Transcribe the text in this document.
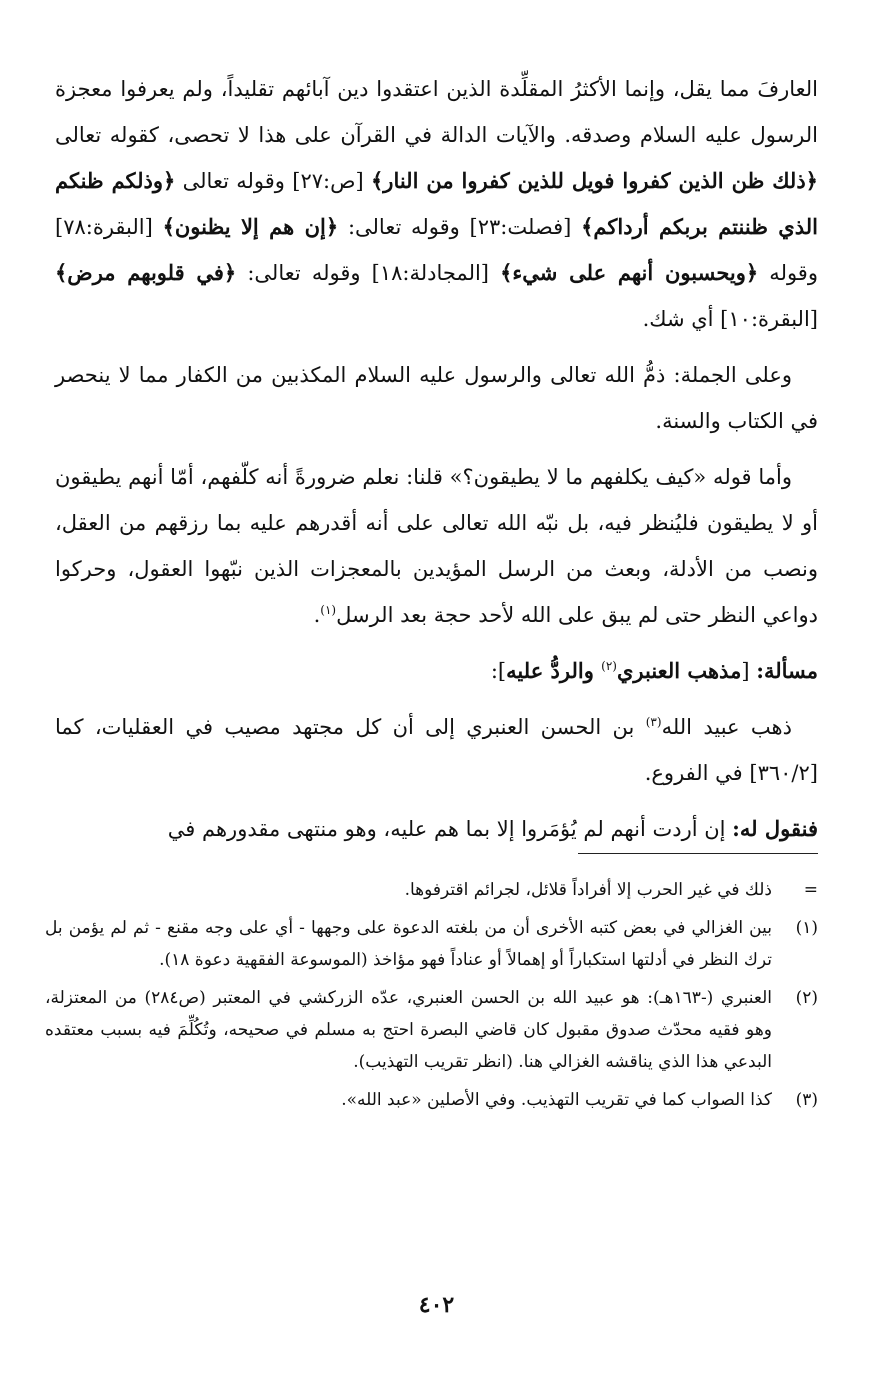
العارفَ مما يقل، وإنما الأكثرُ المقلِّدة الذين اعتقدوا دين آبائهم تقليداً، ولم يعرفوا معجزة الرسول عليه السلام وصدقه. والآيات الدالة في القرآن على هذا لا تحصى، كقوله تعالى ﴿ذلك ظن الذين كفروا فويل للذين كفروا من النار﴾ [ص:٢٧] وقوله تعالى ﴿وذلكم ظنكم الذي ظننتم بربكم أرداكم﴾ [فصلت:٢٣] وقوله تعالى: ﴿إن هم إلا يظنون﴾ [البقرة:٧٨] وقوله ﴿ويحسبون أنهم على شيء﴾ [المجادلة:١٨] وقوله تعالى: ﴿في قلوبهم مرض﴾ [البقرة:١٠] أي شك.

وعلى الجملة: ذمُّ الله تعالى والرسول عليه السلام المكذبين من الكفار مما لا ينحصر في الكتاب والسنة.

وأما قوله «كيف يكلفهم ما لا يطيقون؟» قلنا: نعلم ضرورةً أنه كلّفهم، أمّا أنهم يطيقون أو لا يطيقون فليُنظر فيه، بل نبّه الله تعالى على أنه أقدرهم عليه بما رزقهم من العقل، ونصب من الأدلة، وبعث من الرسل المؤيدين بالمعجزات الذين نبّهوا العقول، وحركوا دواعي النظر حتى لم يبق على الله لأحد حجة بعد الرسل$^{(١)}$.

مسألة: [مذهب العنبري$^{(٢)}$ والردُّ عليه]:

ذهب عبيد الله$^{(٣)}$ بن الحسن العنبري إلى أن كل مجتهد مصيب في العقليات، كما [٣٦٠/٢] في الفروع.

فنقول له: إن أردت أنهم لم يُؤمَروا إلا بما هم عليه، وهو منتهى مقدورهم في

=
ذلك في غير الحرب إلا أفراداً قلائل، لجرائم اقترفوها.
(١)
بين الغزالي في بعض كتبه الأخرى أن من بلغته الدعوة على وجهها - أي على وجه مقنع - ثم لم يؤمن بل ترك النظر في أدلتها استكباراً أو إهمالاً أو عناداً فهو مؤاخذ (الموسوعة الفقهية دعوة ١٨).
(٢)
العنبري (-١٦٣هـ): هو عبيد الله بن الحسن العنبري، عدّه الزركشي في المعتبر (ص٢٨٤) من المعتزلة، وهو فقيه محدّث صدوق مقبول كان قاضي البصرة احتج به مسلم في صحيحه، وتُكُلِّمَ فيه بسبب معتقده البدعي هذا الذي يناقشه الغزالي هنا. (انظر تقريب التهذيب).
(٣)
كذا الصواب كما في تقريب التهذيب. وفي الأصلين «عبد الله».
٤٠٢
